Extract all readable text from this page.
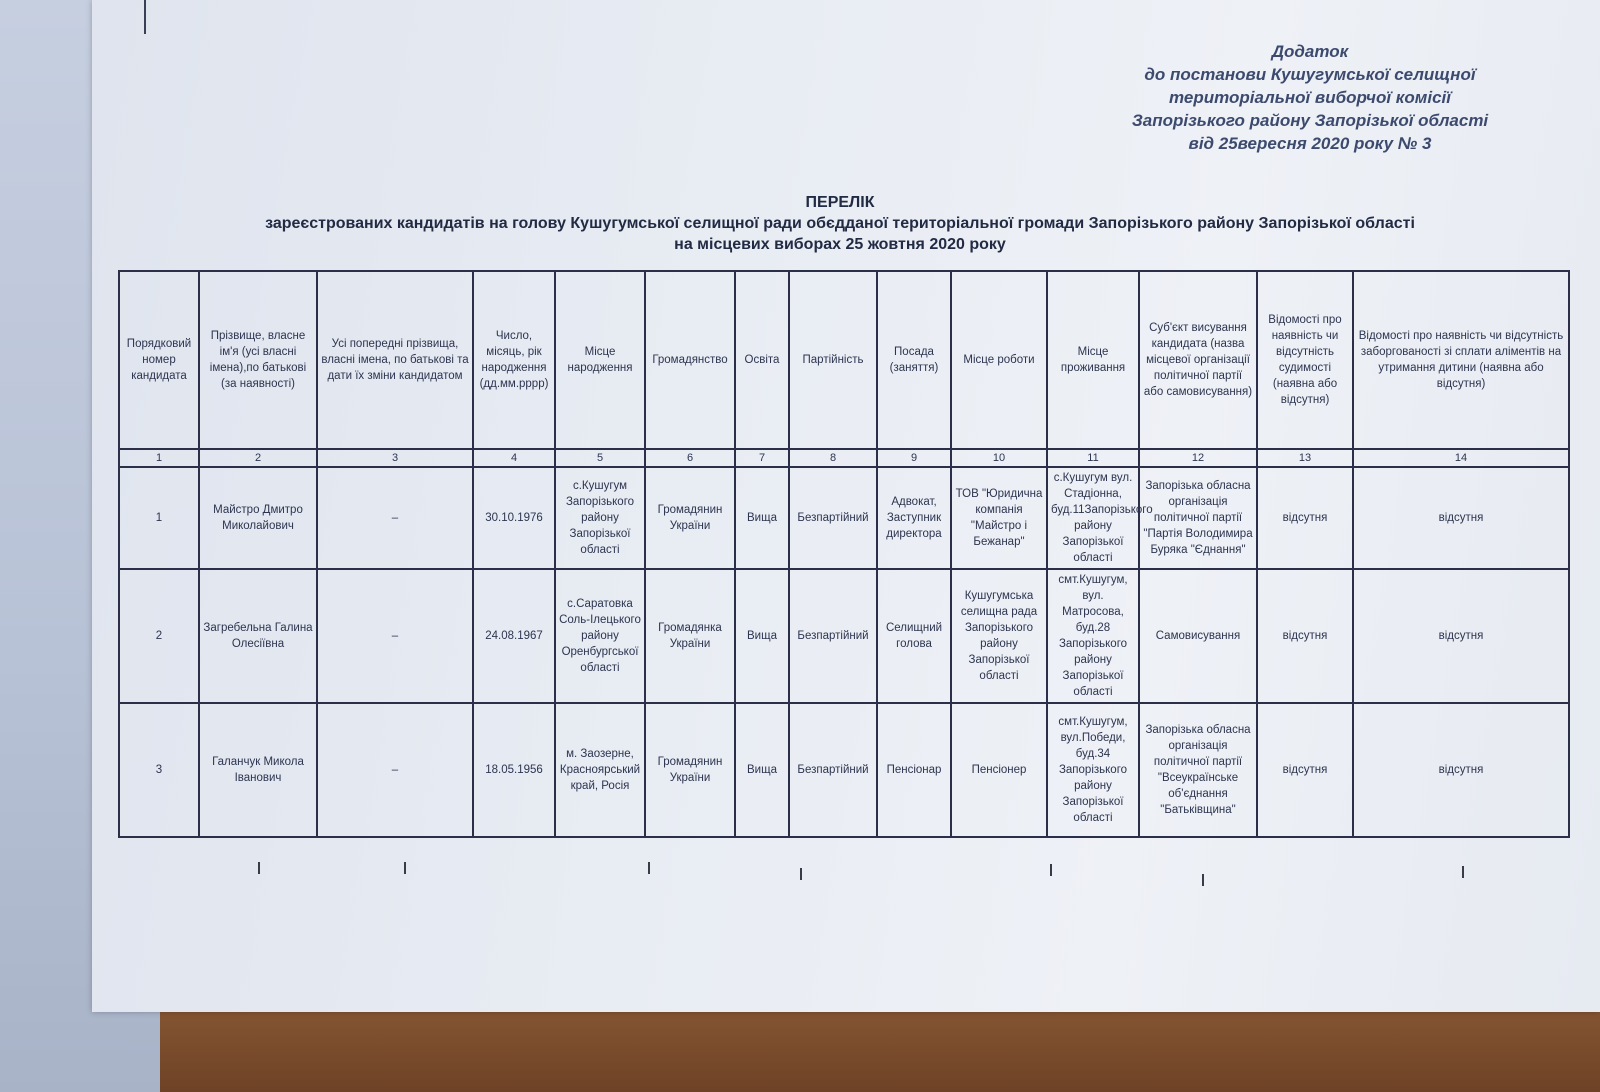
Додаток
до постанови Кушугумської селищної
територіальної виборчої комісії
Запорізького району Запорізької області
від 25вересня 2020 року № 3
ПЕРЕЛІК
зареєстрованих кандидатів на голову Кушугумської селищної ради обєдданої територіальної громади Запорізького району Запорізької області
на місцевих виборах 25 жовтня 2020 року
Порядковий номер кандидата	Прізвище, власне ім'я (усі власні імена),по батькові (за наявності)	Усі попередні прізвища, власні імена, по батькові та дати їх зміни кандидатом	Число, місяць, рік народження (дд.мм.рррр)	Місце народження	Громадянство	Освіта	Партійність	Посада (заняття)	Місце роботи	Місце проживання	Суб'єкт висування кандидата (назва місцевої організації політичної партії або самовисування)	Відомості про наявність чи відсутність судимості (наявна або відсутня)	Відомості про наявність чи відсутність заборгованості зі сплати аліментів на утримання дитини (наявна або відсутня)
1	2	3	4	5	6	7	8	9	10	11	12	13	14
1	Майстро Дмитро Миколайович	–	30.10.1976	с.Кушугум Запорізького району Запорізької області	Громадянин України	Вища	Безпартійний	Адвокат, Заступник директора	ТОВ "Юридична компанія "Майстро і Бежанар"	с.Кушугум вул. Стадіонна, буд.11Запорізького району Запорізької області	Запорізька обласна організація політичної партії "Партія Володимира Буряка "Єднання"	відсутня	відсутня
2	Загребельна Галина Олесіївна	–	24.08.1967	с.Саратовка Соль-Ілецького району Оренбургської області	Громадянка України	Вища	Безпартійний	Селищний голова	Кушугумська селищна рада Запорізького району Запорізької області	смт.Кушугум, вул. Матросова, буд.28 Запорізького району Запорізької області	Самовисування	відсутня	відсутня
3	Галанчук Микола Іванович	–	18.05.1956	м. Заозерне, Красноярський край, Росія	Громадянин України	Вища	Безпартійний	Пенсіонар	Пенсіонер	смт.Кушугум, вул.Победи, буд.34 Запорізького району Запорізької області	Запорізька обласна організація політичної партії "Всеукраїнське об'єднання "Батьківщина"	відсутня	відсутня
